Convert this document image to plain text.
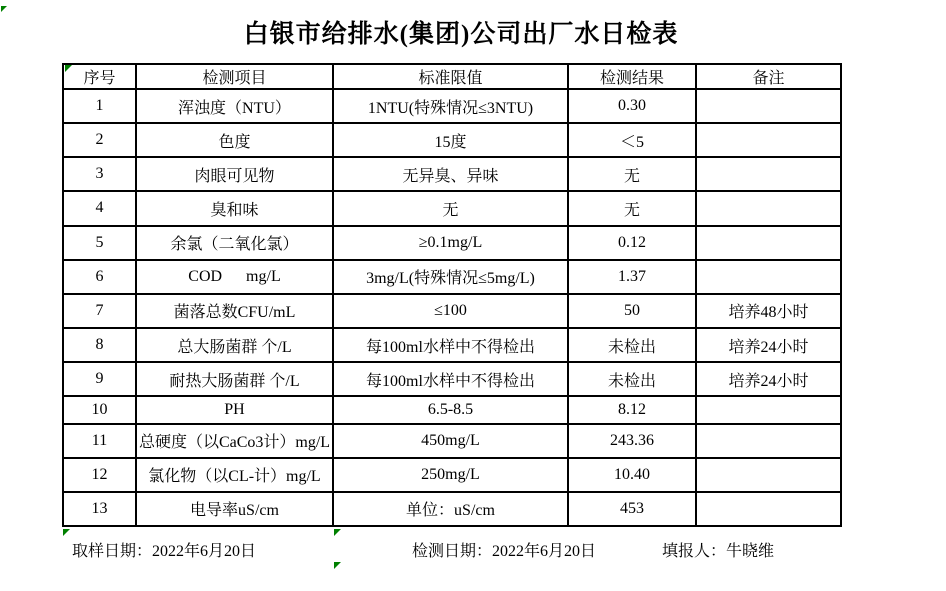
白银市给排水(集团)公司出厂水日检表
序号	检测项目	标准限值	检测结果	备注
1	浑浊度（NTU）	1NTU(特殊情况≤3NTU)	0.30	
2	色度	15度	＜5	
3	肉眼可见物	无异臭、异味	无	
4	臭和味	无	无	
5	余氯（二氧化氯）	≥0.1mg/L	0.12	
6	COD      mg/L	3mg/L(特殊情况≤5mg/L)	1.37	
7	菌落总数CFU/mL	≤100	50	培养48小时
8	总大肠菌群 个/L	每100ml水样中不得检出	未检出	培养24小时
9	耐热大肠菌群 个/L	每100ml水样中不得检出	未检出	培养24小时
10	PH	6.5-8.5	8.12	
11	总硬度（以CaCo3计）mg/L	450mg/L	243.36	
12	氯化物（以CL-计）mg/L	250mg/L	10.40	
13	电导率uS/cm	单位：uS/cm	453	
取样日期：2022年6月20日	检测日期：2022年6月20日	填报人：牛晓维
